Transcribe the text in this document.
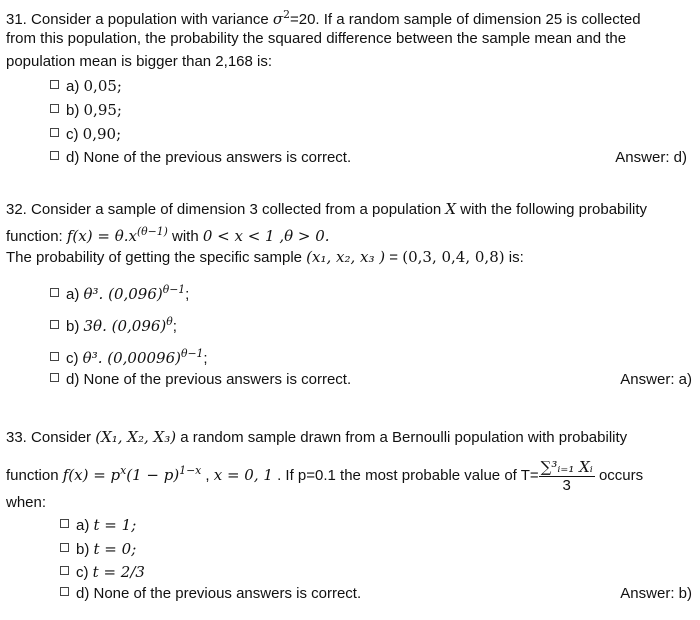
31. Consider a population with variance $\sigma^2=20$. If a random sample of dimension 25 is collected
from this population, the probability the squared difference between the sample mean and the
population mean is bigger than 2,168 is:
a) 0,05;
b) 0,95;
c) 0,90;
d) None of the previous answers is correct.	Answer: d)
32. Consider a sample of dimension 3 collected from a population X with the following probability
function: $f(x) = \theta.x^{(\theta-1)}$ with 0 < x < 1 ,θ > 0.
The probability of getting the specific sample (x₁, x₂, x₃ ) = (0,3, 0,4, 0,8) is:
a) θ³. $(0,096)^{\theta-1}$;
b) 3θ. $(0,096)^\theta$;
c) θ³. $(0,00096)^{\theta-1}$;
d) None of the previous answers is correct.	Answer: a)
33. Consider (X₁, X₂, X₃) a random sample drawn from a Bernoulli population with probability
function $f(x) = p^x(1 - p)^{1-x}$ , x = 0, 1 . If p=0.1 the most probable value of $T= \frac{\text{∑³ᵢ₌₁ Xᵢ}}{3}$ occurs
when:
a) t = 1;
b) t = 0;
c) t = 2/3
d) None of the previous answers is correct.	Answer: b)
